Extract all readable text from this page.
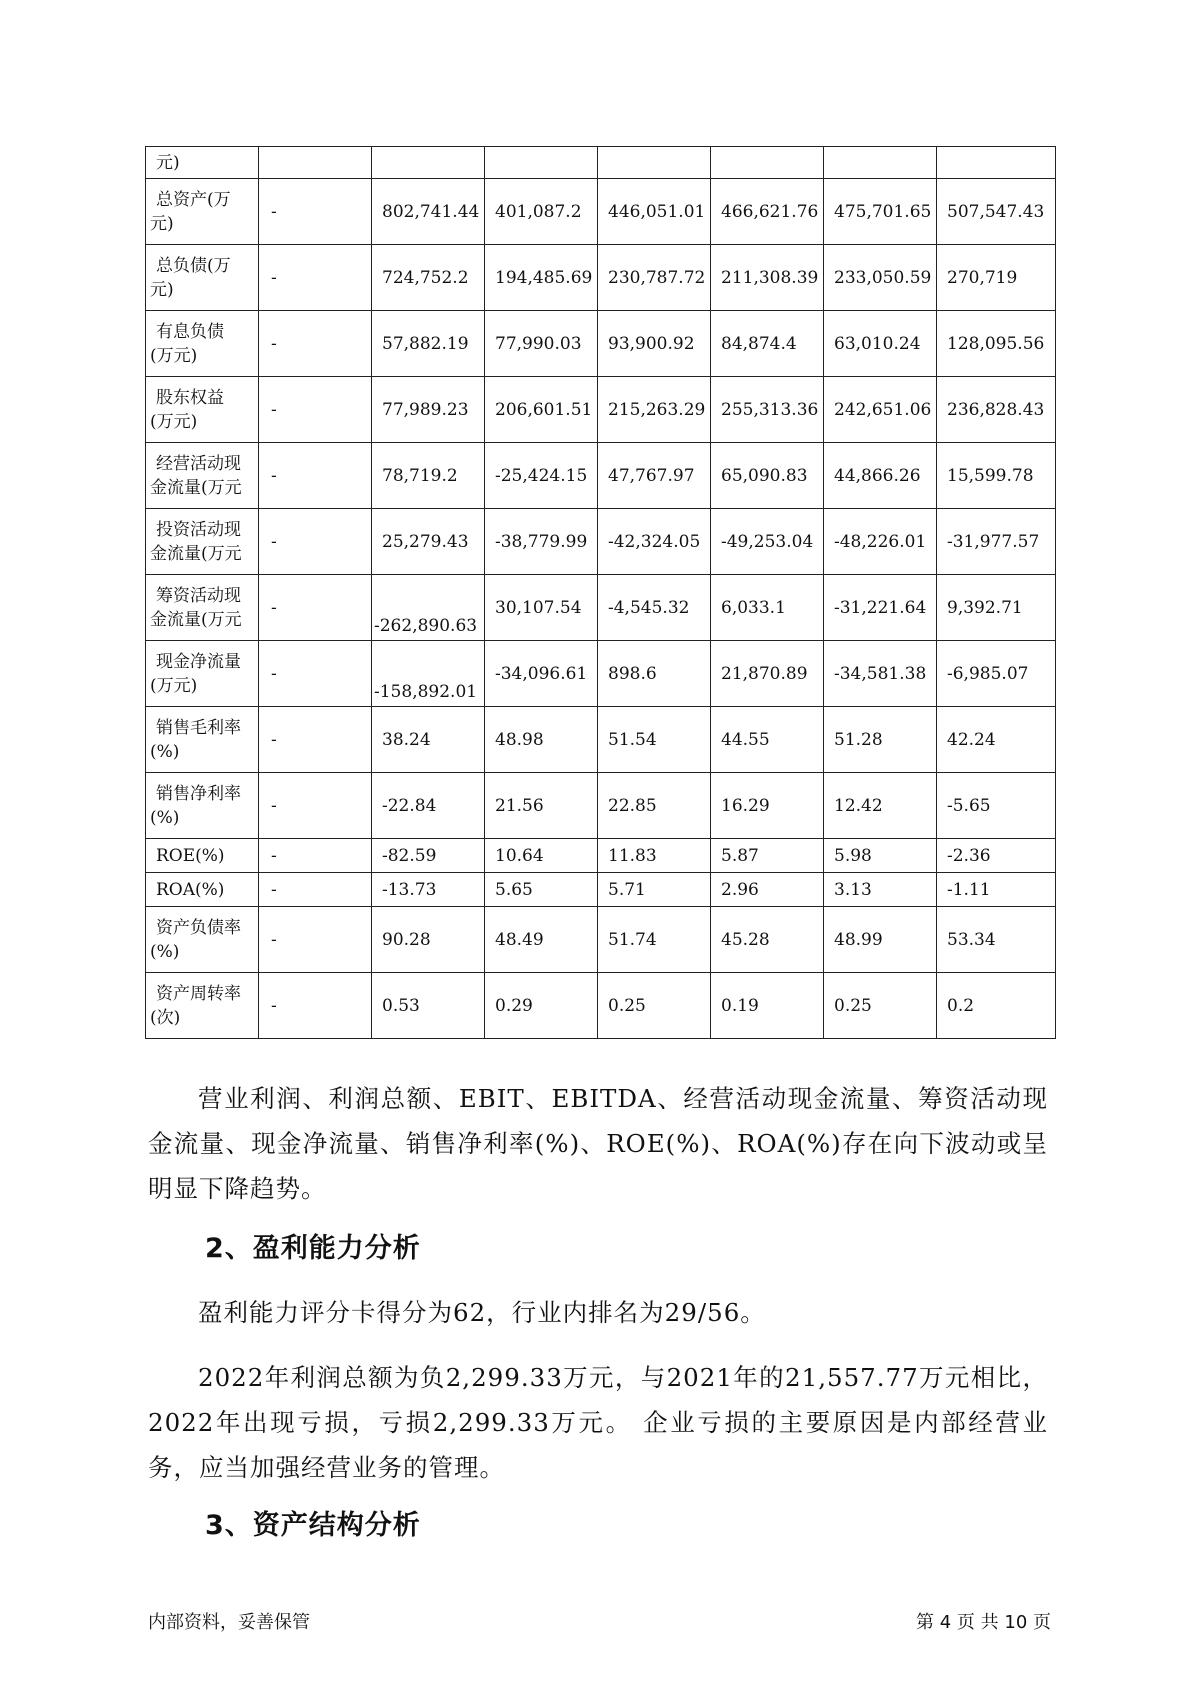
元)							

总资产(万
元)	-	802,741.44	401,087.2	446,051.01	466,621.76	475,701.65	507,547.43

总负债(万
元)	-	724,752.2	194,485.69	230,787.72	211,308.39	233,050.59	270,719

有息负债
(万元)	-	57,882.19	77,990.03	93,900.92	84,874.4	63,010.24	128,095.56

股东权益
(万元)	-	77,989.23	206,601.51	215,263.29	255,313.36	242,651.06	236,828.43

经营活动现
金流量(万元	-	78,719.2	-25,424.15	47,767.97	65,090.83	44,866.26	15,599.78

投资活动现
金流量(万元	-	25,279.43	-38,779.99	-42,324.05	-49,253.04	-48,226.01	-31,977.57

筹资活动现
金流量(万元	-	-262,890.63	30,107.54	-4,545.32	6,033.1	-31,221.64	9,392.71

现金净流量
(万元)	-	-158,892.01	-34,096.61	898.6	21,870.89	-34,581.38	-6,985.07

销售毛利率
(%)	-	38.24	48.98	51.54	44.55	51.28	42.24

销售净利率
(%)	-	-22.84	21.56	22.85	16.29	12.42	-5.65

ROE(%)	-	-82.59	10.64	11.83	5.87	5.98	-2.36

ROA(%)	-	-13.73	5.65	5.71	2.96	3.13	-1.11

资产负债率
(%)	-	90.28	48.49	51.74	45.28	48.99	53.34

资产周转率
(次)	-	0.53	0.29	0.25	0.19	0.25	0.2
营业利润、利润总额、EBIT、EBITDA、经营活动现金流量、筹资活动现金流量、现金净流量、销售净利率(%)、ROE(%)、ROA(%)存在向下波动或呈明显下降趋势。
2、盈利能力分析
盈利能力评分卡得分为62，行业内排名为29/56。
2022年利润总额为负2,299.33万元，与2021年的21,557.77万元相比，2022年出现亏损，亏损2,299.33万元。 企业亏损的主要原因是内部经营业务，应当加强经营业务的管理。
3、资产结构分析
内部资料，妥善保管	第 4 页 共 10 页
